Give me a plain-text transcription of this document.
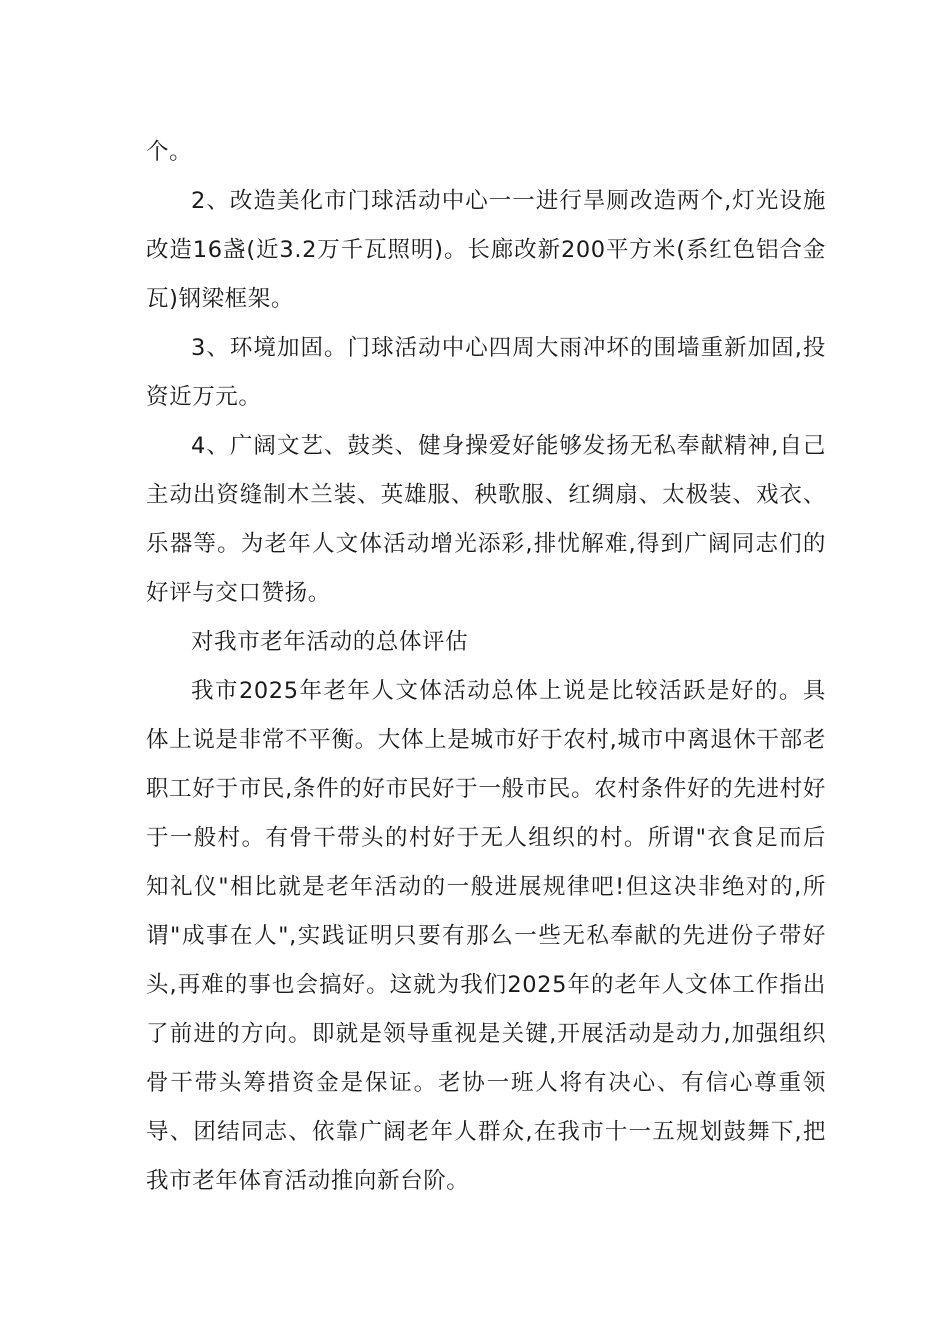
个。

2、改造美化市门球活动中心一一进行旱厕改造两个,灯光设施改造16盏(近3.2万千瓦照明)。长廊改新200平方米(系红色铝合金瓦)钢梁框架。

3、环境加固。门球活动中心四周大雨冲坏的围墙重新加固,投资近万元。

4、广阔文艺、鼓类、健身操爱好能够发扬无私奉献精神,自己主动出资缝制木兰装、英雄服、秧歌服、红绸扇、太极装、戏衣、乐器等。为老年人文体活动增光添彩,排忧解难,得到广阔同志们的好评与交口赞扬。

对我市老年活动的总体评估

我市2025年老年人文体活动总体上说是比较活跃是好的。具体上说是非常不平衡。大体上是城市好于农村,城市中离退休干部老职工好于市民,条件的好市民好于一般市民。农村条件好的先进村好于一般村。有骨干带头的村好于无人组织的村。所谓"衣食足而后知礼仪"相比就是老年活动的一般进展规律吧!但这决非绝对的,所谓"成事在人",实践证明只要有那么一些无私奉献的先进份子带好头,再难的事也会搞好。这就为我们2025年的老年人文体工作指出了前进的方向。即就是领导重视是关键,开展活动是动力,加强组织骨干带头筹措资金是保证。老协一班人将有决心、有信心尊重领导、团结同志、依靠广阔老年人群众,在我市十一五规划鼓舞下,把我市老年体育活动推向新台阶。
